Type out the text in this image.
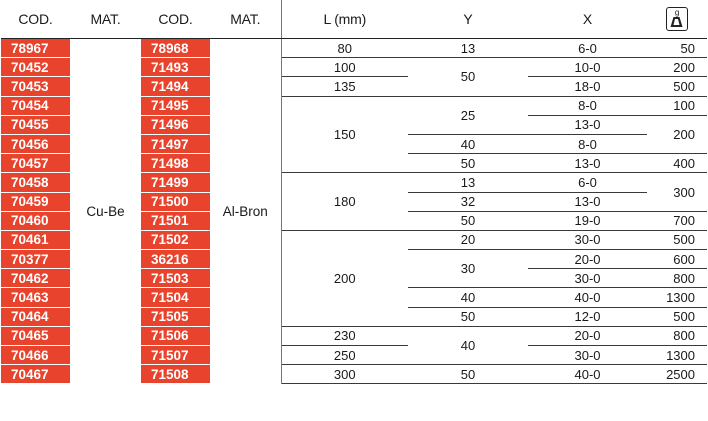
COD.	MAT.	COD.	MAT.	L (mm)	Y	X	g

78967	Cu-Be	78968	Al-Bron	80	13	6-0	50
70452		71493		100	50	10-0	200
70453		71494		135		18-0	500
70454		71495		150	25	8-0	100
70455		71496				13-0	200
70456		71497			40	8-0	
70457		71498			50	13-0	400
70458		71499		180	13	6-0	300
70459		71500			32	13-0	
70460		71501			50	19-0	700
70461		71502		200	20	30-0	500
70377		36216			30	20-0	600
70462		71503				30-0	800
70463		71504			40	40-0	1300
70464		71505			50	12-0	500
70465		71506		230	40	20-0	800
70466		71507		250		30-0	1300
70467		71508		300	50	40-0	2500
